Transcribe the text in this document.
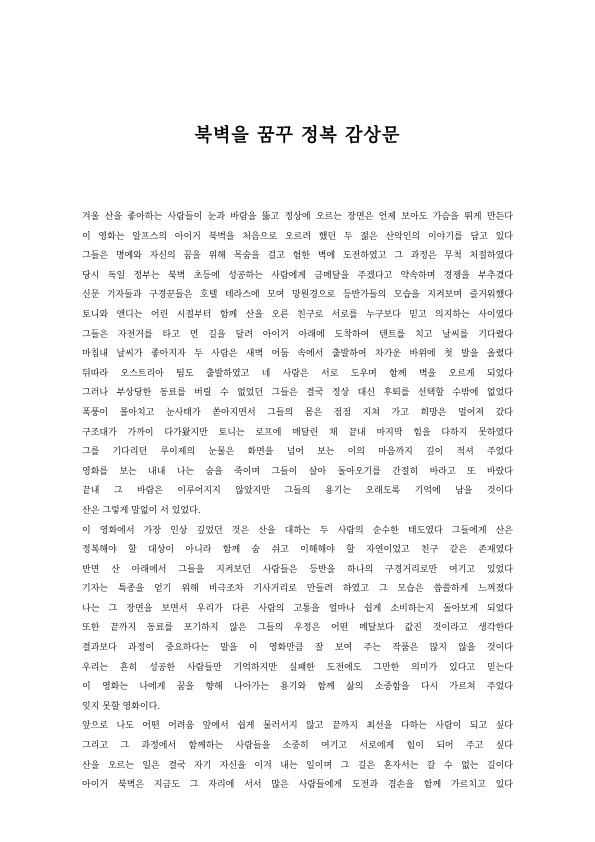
북벽을 꿈꾸 정복 감상문
겨울 산을 좋아하는 사람들이 눈과 바람을 뚫고 정상에 오르는 장면은 언제 보아도 가슴을 뛰게 만든다
이 영화는 알프스의 아이거 북벽을 처음으로 오르려 했던 두 젊은 산악인의 이야기를 담고 있다
그들은 명예와 자신의 꿈을 위해 목숨을 걸고 험한 벽에 도전하였고 그 과정은 무척 처절하였다
당시 독일 정부는 북벽 초등에 성공하는 사람에게 금메달을 주겠다고 약속하며 경쟁을 부추겼다
신문 기자들과 구경꾼들은 호텔 테라스에 모여 망원경으로 등반가들의 모습을 지켜보며 즐거워했다
토니와 앤디는 어린 시절부터 함께 산을 오른 친구로 서로를 누구보다 믿고 의지하는 사이였다
그들은 자전거를 타고 먼 길을 달려 아이거 아래에 도착하여 텐트를 치고 날씨를 기다렸다
마침내 날씨가 좋아지자 두 사람은 새벽 어둠 속에서 출발하여 차가운 바위에 첫 발을 올렸다
뒤따라 오스트리아 팀도 출발하였고 네 사람은 서로 도우며 함께 벽을 오르게 되었다
그러나 부상당한 동료를 버릴 수 없었던 그들은 결국 정상 대신 후퇴를 선택할 수밖에 없었다
폭풍이 몰아치고 눈사태가 쏟아지면서 그들의 몸은 점점 지쳐 가고 희망은 멀어져 갔다
구조대가 가까이 다가왔지만 토니는 로프에 매달린 채 끝내 마지막 힘을 다하지 못하였다
그를 기다리던 루이제의 눈물은 화면을 넘어 보는 이의 마음까지 깊이 적셔 주었다
영화를 보는 내내 나는 숨을 죽이며 그들이 살아 돌아오기를 간절히 바라고 또 바랐다
끝내 그 바람은 이루어지지 않았지만 그들의 용기는 오래도록 기억에 남을 것이다
산은 그렇게 말없이 서 있었다.
이 영화에서 가장 인상 깊었던 것은 산을 대하는 두 사람의 순수한 태도였다 그들에게 산은
정복해야 할 대상이 아니라 함께 숨 쉬고 이해해야 할 자연이었고 친구 같은 존재였다
반면 산 아래에서 그들을 지켜보던 사람들은 등반을 하나의 구경거리로만 여기고 있었다
기자는 특종을 얻기 위해 비극조차 기사거리로 만들려 하였고 그 모습은 씁쓸하게 느껴졌다
나는 그 장면을 보면서 우리가 다른 사람의 고통을 얼마나 쉽게 소비하는지 돌아보게 되었다
또한 끝까지 동료를 포기하지 않은 그들의 우정은 어떤 메달보다 값진 것이라고 생각한다
결과보다 과정이 중요하다는 말을 이 영화만큼 잘 보여 주는 작품은 많지 않을 것이다
우리는 흔히 성공한 사람들만 기억하지만 실패한 도전에도 그만한 의미가 있다고 믿는다
이 영화는 나에게 꿈을 향해 나아가는 용기와 함께 삶의 소중함을 다시 가르쳐 주었다
잊지 못할 영화이다.
앞으로 나도 어떤 어려움 앞에서 쉽게 물러서지 않고 끝까지 최선을 다하는 사람이 되고 싶다
그리고 그 과정에서 함께하는 사람들을 소중히 여기고 서로에게 힘이 되어 주고 싶다
산을 오르는 일은 결국 자기 자신을 이겨 내는 일이며 그 길은 혼자서는 갈 수 없는 길이다
아이거 북벽은 지금도 그 자리에 서서 많은 사람들에게 도전과 겸손을 함께 가르치고 있다
